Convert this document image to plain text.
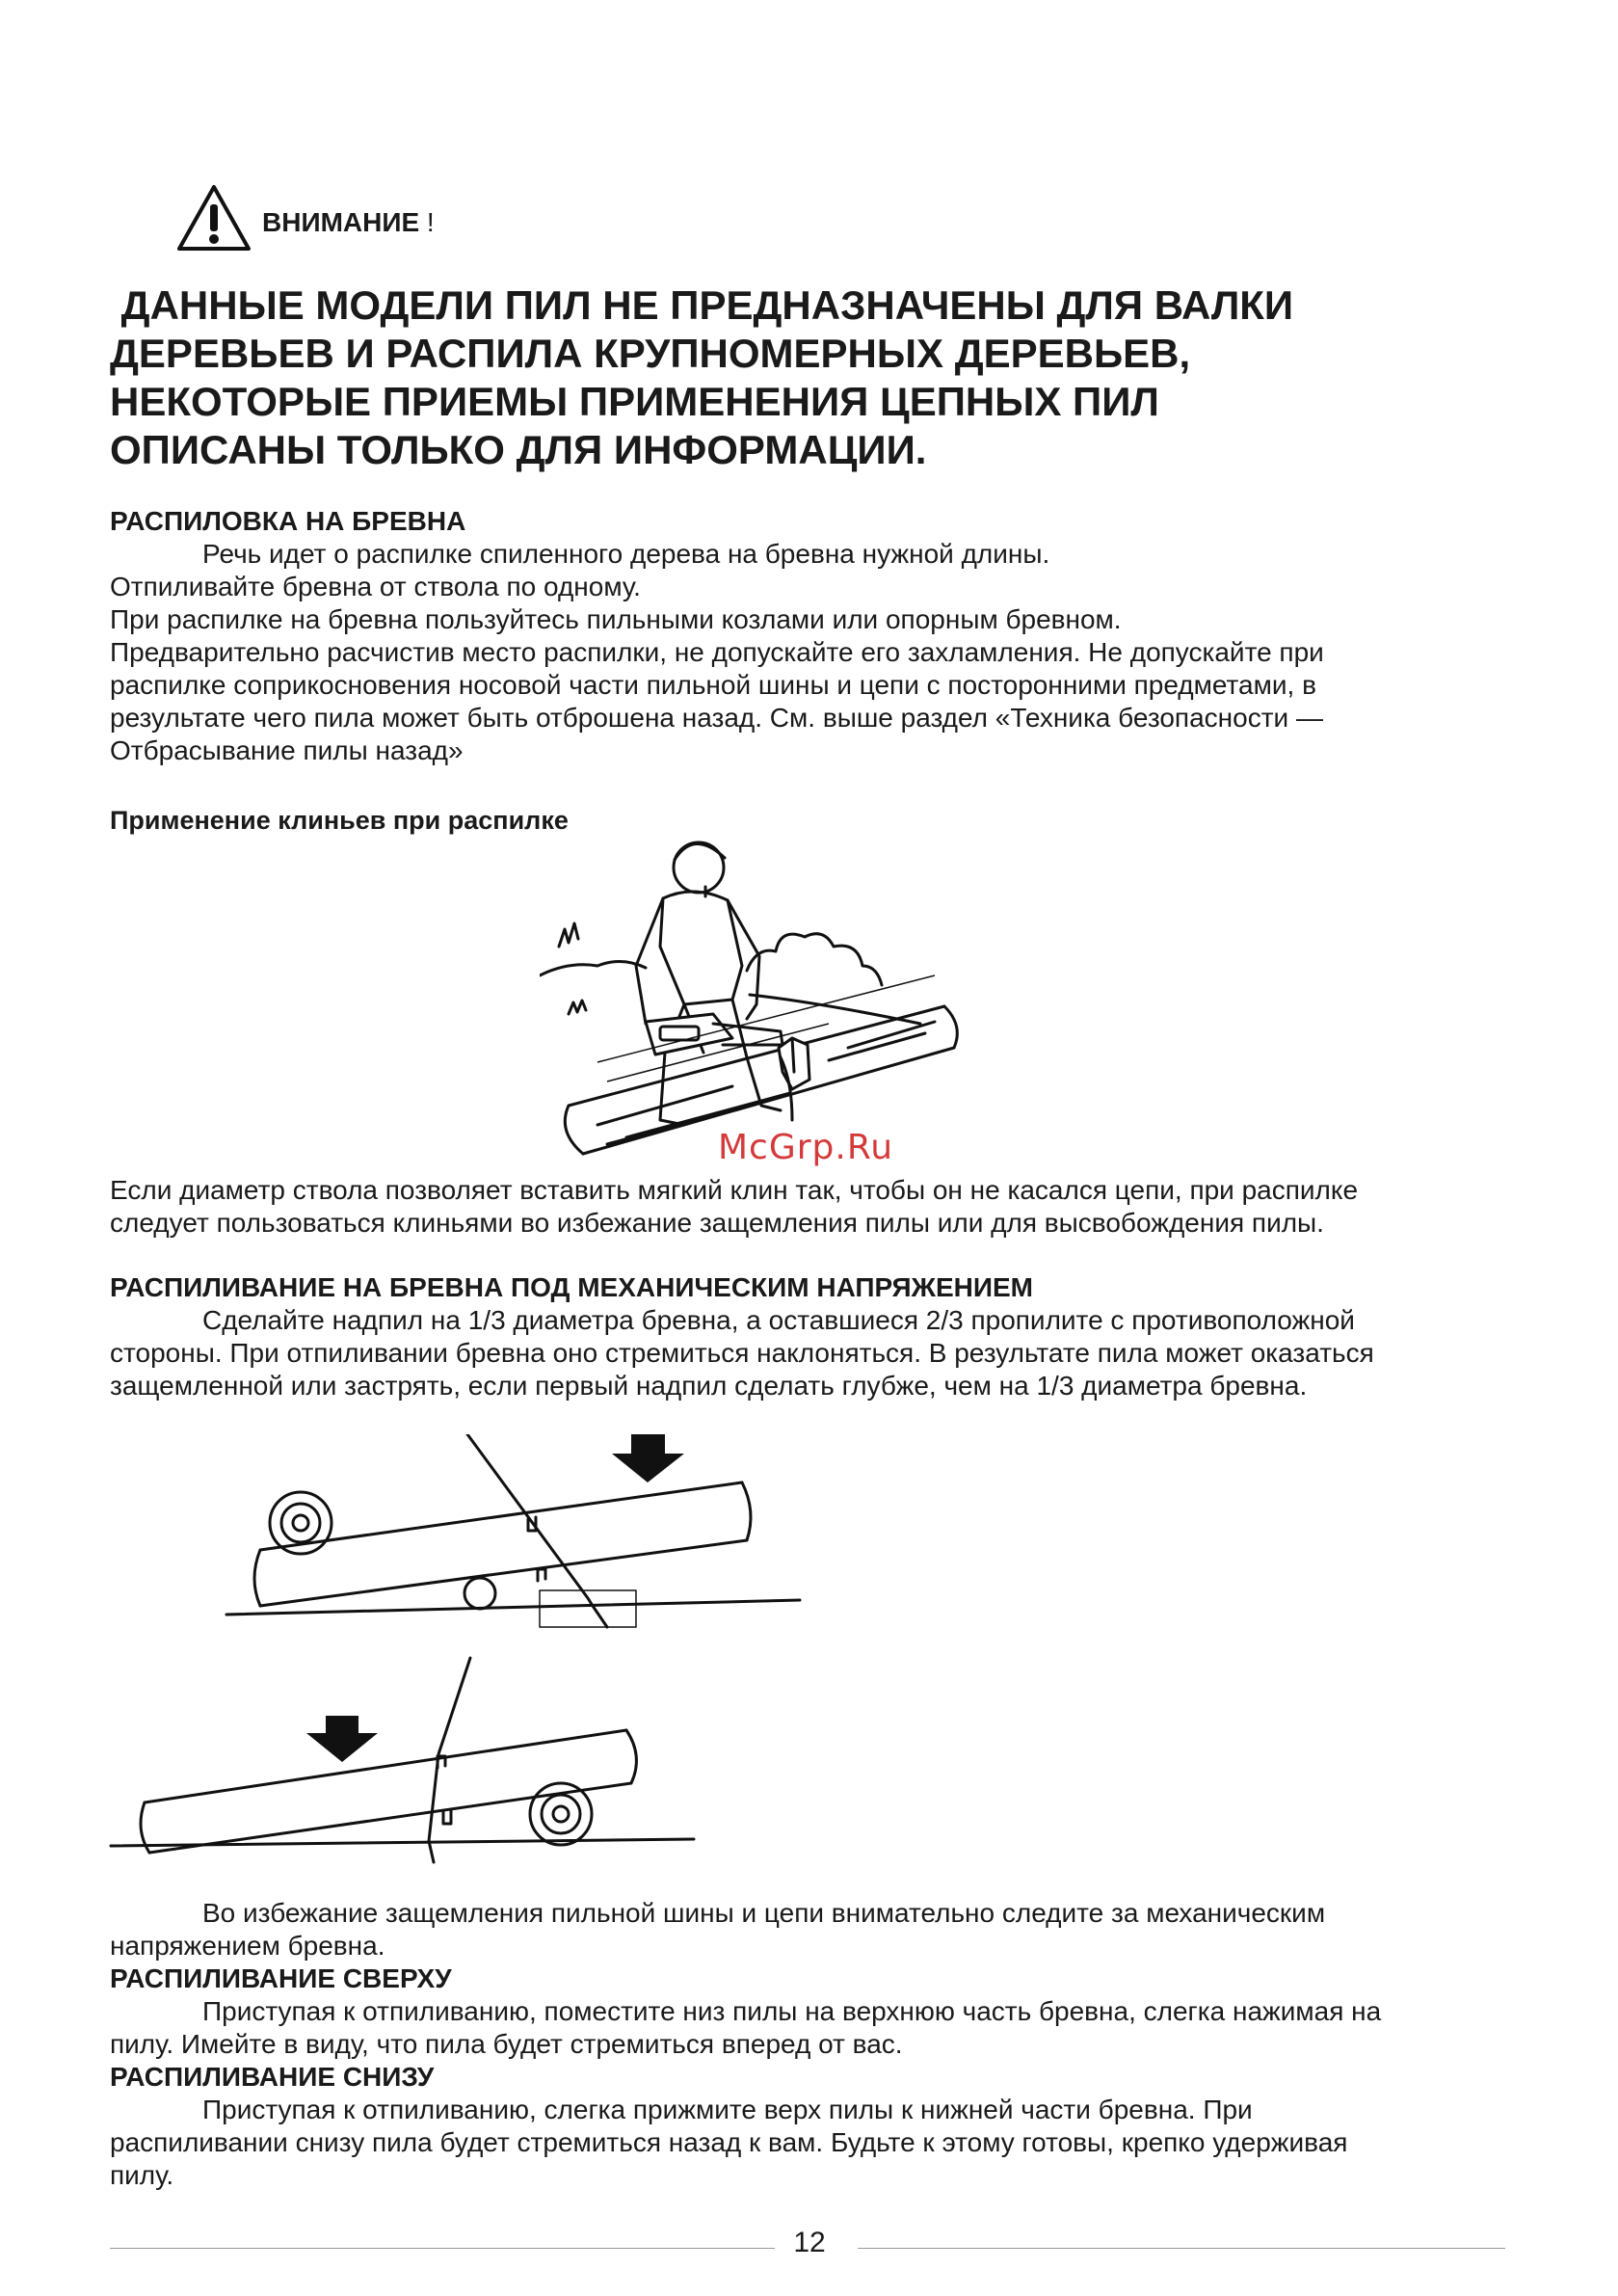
ВНИМАНИЕ !

ДАННЫЕ МОДЕЛИ ПИЛ НЕ ПРЕДНАЗНАЧЕНЫ ДЛЯ ВАЛКИ

ДЕРЕВЬЕВ И РАСПИЛА КРУПНОМЕРНЫХ ДЕРЕВЬЕВ,

НЕКОТОРЫЕ ПРИЕМЫ ПРИМЕНЕНИЯ ЦЕПНЫХ ПИЛ

ОПИСАНЫ ТОЛЬКО ДЛЯ ИНФОРМАЦИИ.

РАСПИЛОВКА НА БРЕВНА

Речь идет о распилке спиленного дерева на бревна нужной длины.

Отпиливайте бревна от ствола по одному.

При распилке на бревна пользуйтесь пильными козлами или опорным бревном.

Предварительно расчистив место распилки, не допускайте его захламления. Не допускайте при

распилке соприкосновения носовой части пильной шины и цепи с посторонними предметами, в

результате чего пила может быть отброшена назад. См. выше раздел «Техника безопасности —

Отбрасывание пилы назад»

Применение клиньев при распилке

McGrp.Ru

Если диаметр ствола позволяет вставить мягкий клин так, чтобы он не касался цепи, при распилке

следует пользоваться клиньями во избежание защемления пилы или для высвобождения пилы.

РАСПИЛИВАНИЕ НА БРЕВНА ПОД МЕХАНИЧЕСКИМ НАПРЯЖЕНИЕМ

Сделайте надпил на 1/3 диаметра бревна, а оставшиеся 2/3 пропилите с противоположной

стороны. При отпиливании бревна оно стремиться наклоняться. В результате пила может оказаться

защемленной или застрять, если первый надпил сделать глубже, чем на 1/3 диаметра бревна.

Во избежание защемления пильной шины и цепи внимательно следите за механическим

напряжением бревна.

РАСПИЛИВАНИЕ СВЕРХУ

Приступая к отпиливанию, поместите низ пилы на верхнюю часть бревна, слегка нажимая на

пилу. Имейте в виду, что пила будет стремиться вперед от вас.

РАСПИЛИВАНИЕ СНИЗУ

Приступая к отпиливанию, слегка прижмите верх пилы к нижней части бревна. При

распиливании снизу пила будет стремиться назад к вам. Будьте к этому готовы, крепко удерживая

пилу.

12
